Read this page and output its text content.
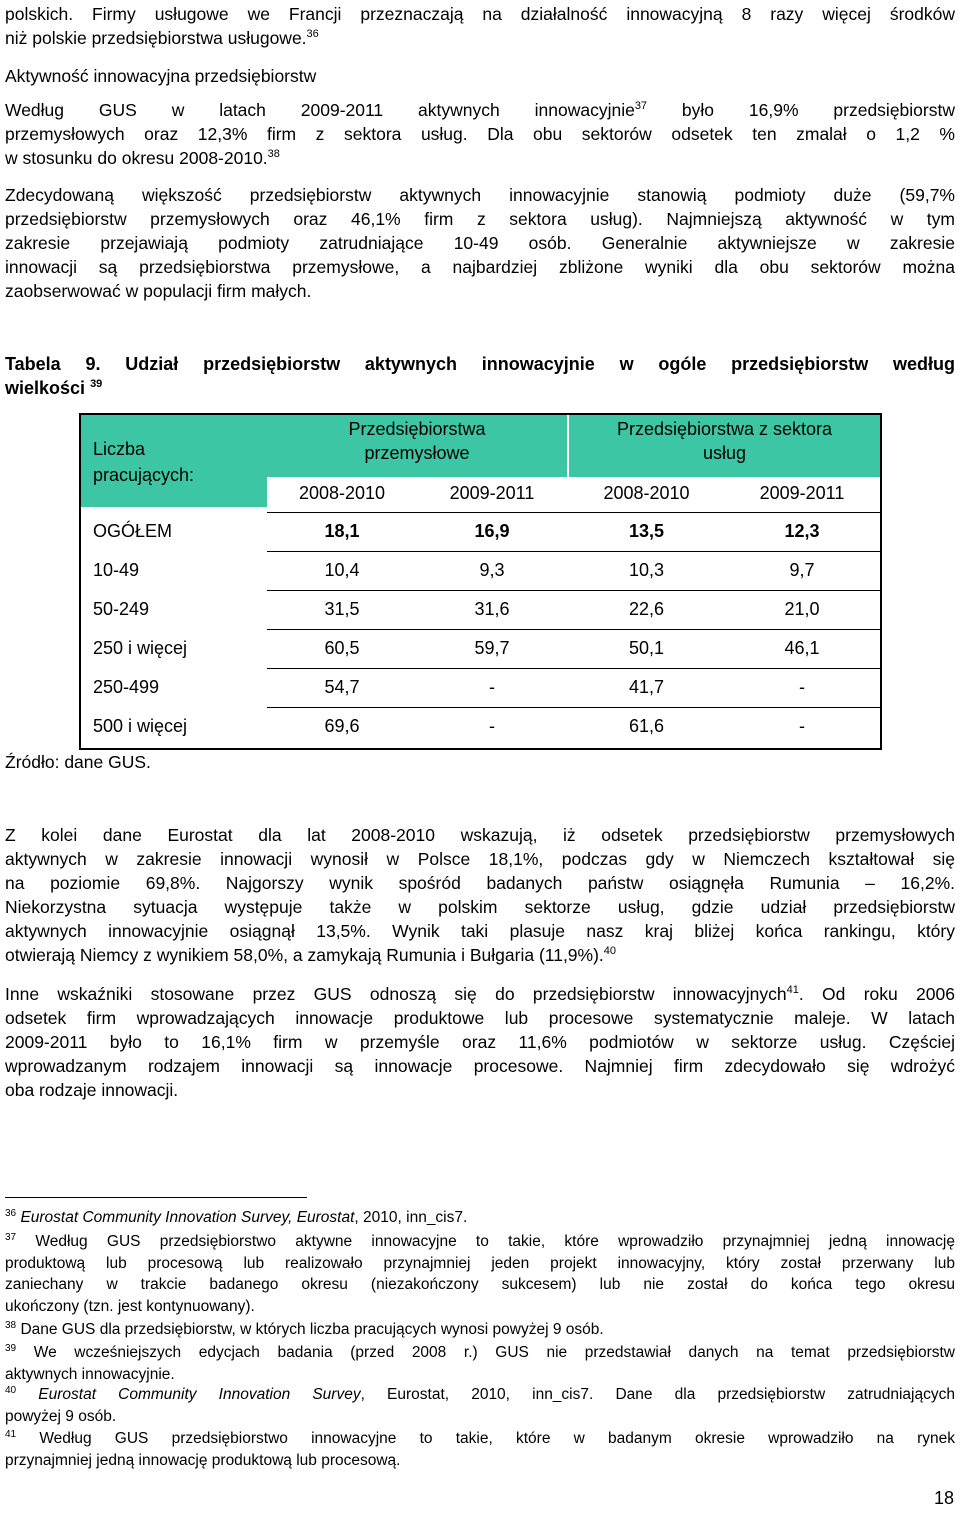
polskich. Firmy usługowe we Francji przeznaczają na działalność innowacyjną 8 razy więcej środków
niż polskie przedsiębiorstwa usługowe.$^{36}$

Aktywność innowacyjna przedsiębiorstw

Według GUS w latach 2009-2011 aktywnych innowacyjnie$^{37}$ było 16,9% przedsiębiorstw
przemysłowych oraz 12,3% firm z sektora usług. Dla obu sektorów odsetek ten zmalał o 1,2 %
w stosunku do okresu 2008-2010.38

Zdecydowaną większość przedsiębiorstw aktywnych innowacyjnie stanowią podmioty duże (59,7%
przedsiębiorstw przemysłowych oraz 46,1% firm z sektora usług). Najmniejszą aktywność w tym
zakresie przejawiają podmioty zatrudniające 10-49 osób. Generalnie aktywniejsze w zakresie
innowacji są przedsiębiorstwa przemysłowe, a najbardziej zbliżone wyniki dla obu sektorów można
zaobserwować w populacji firm małych.

Tabela 9. Udział przedsiębiorstw aktywnych innowacyjnie w ogóle przedsiębiorstw według
wielkości $^{39}$

Liczba
pracujących:
Przedsiębiorstwa
przemysłowe
Przedsiębiorstwa z sektora
usług
2008-2010	2009-2011	2008-2010	2009-2011
OGÓŁEM	18,1	16,9	13,5	12,3
10-49	10,4	9,3	10,3	9,7
50-249	31,5	31,6	22,6	21,0
250 i więcej	60,5	59,7	50,1	46,1
250-499	54,7	-	41,7	-
500 i więcej	69,6	-	61,6	-

Źródło: dane GUS.

Z kolei dane Eurostat dla lat 2008-2010 wskazują, iż odsetek przedsiębiorstw przemysłowych
aktywnych w zakresie innowacji wynosił w Polsce 18,1%, podczas gdy w Niemczech kształtował się
na poziomie 69,8%. Najgorszy wynik spośród badanych państw osiągnęła Rumunia – 16,2%.
Niekorzystna sytuacja występuje także w polskim sektorze usług, gdzie udział przedsiębiorstw
aktywnych innowacyjnie osiągnął 13,5%. Wynik taki plasuje nasz kraj bliżej końca rankingu, który
otwierają Niemcy z wynikiem 58,0%, a zamykają Rumunia i Bułgaria (11,9%).$^{40}$

Inne wskaźniki stosowane przez GUS odnoszą się do przedsiębiorstw innowacyjnych$^{41}$. Od roku 2006
odsetek firm wprowadzających innowacje produktowe lub procesowe systematycznie maleje. W latach
2009-2011 było to 16,1% firm w przemyśle oraz 11,6% podmiotów w sektorze usług. Częściej
wprowadzanym rodzajem innowacji są innowacje procesowe. Najmniej firm zdecydowało się wdrożyć
oba rodzaje innowacji.

$^{36}$ Eurostat Community Innovation Survey, Eurostat, 2010, inn_cis7.
$^{37}$ Według GUS przedsiębiorstwo aktywne innowacyjne to takie, które wprowadziło przynajmniej jedną innowację
produktową lub procesową lub realizowało przynajmniej jeden projekt innowacyjny, który został przerwany lub
zaniechany w trakcie badanego okresu (niezakończony sukcesem) lub nie został do końca tego okresu
ukończony (tzn. jest kontynuowany).
$^{38}$ Dane GUS dla przedsiębiorstw, w których liczba pracujących wynosi powyżej 9 osób.
$^{39}$ We wcześniejszych edycjach badania (przed 2008 r.) GUS nie przedstawiał danych na temat przedsiębiorstw
aktywnych innowacyjnie.
$^{40}$ Eurostat Community Innovation Survey, Eurostat, 2010, inn_cis7. Dane dla przedsiębiorstw zatrudniających
powyżej 9 osób.
$^{41}$ Według GUS przedsiębiorstwo innowacyjne to takie, które w badanym okresie wprowadziło na rynek
przynajmniej jedną innowację produktową lub procesową.
18
